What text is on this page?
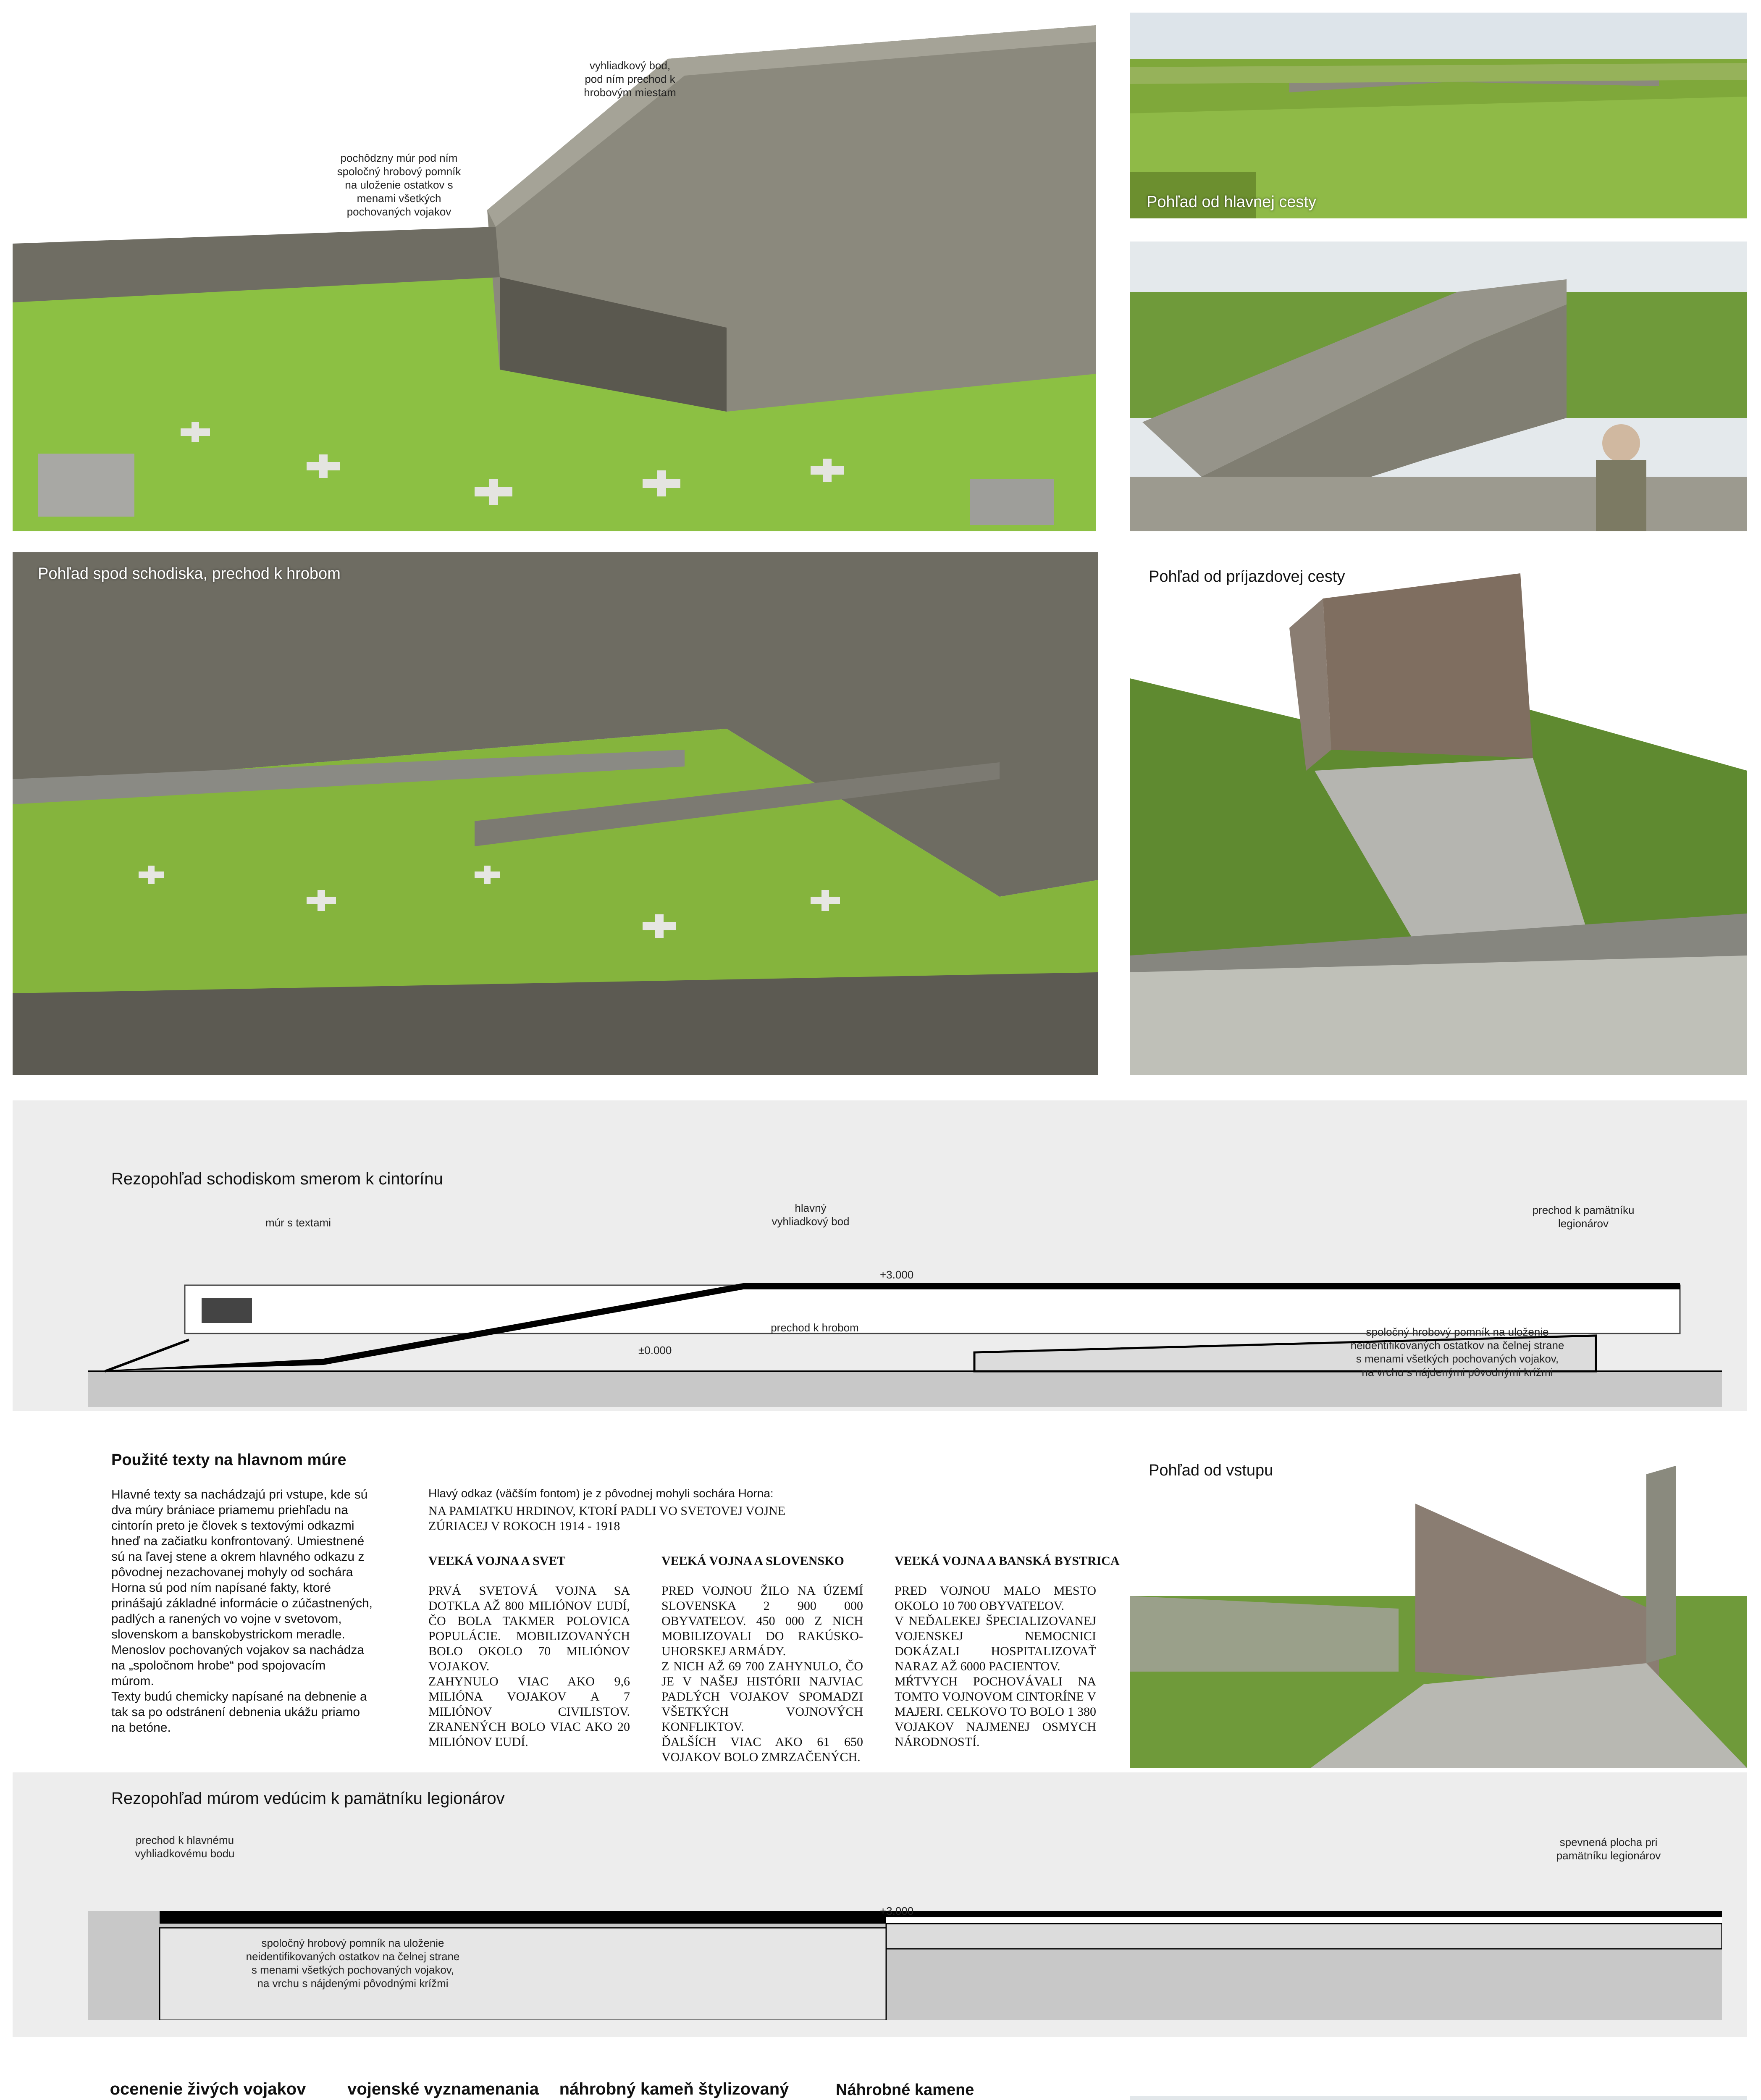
vyhliadkový bod,
pod ním prechod k
hrobovým miestam
pochôdzny múr pod ním
spoločný hrobový pomník
na uloženie ostatkov s
menami všetkých
pochovaných vojakov
Pohľad od hlavnej cesty
Pohľad spod schodiska, prechod k hrobom	Pohľad od príjazdovej cesty
Rezopohľad schodiskom smerom k cintorínu
múr s textami
hlavný
vyhliadkový bod
prechod k pamätníku
legionárov
+3.000
±0.000
prechod k hrobom	spoločný hrobový pomník na uloženie
neidentifikovaných ostatkov na čelnej strane
s menami všetkých pochovaných vojakov,
na vrchu s nájdenými pôvodnými krížmi
Použité texty na hlavnom múre
Hlavné texty sa nachádzajú pri vstupe, kde sú
dva múry brániace priamemu priehľadu na
cintorín preto je človek s textovými odkazmi
hneď na začiatku konfrontovaný. Umiestnené
sú na ľavej stene a okrem hlavného odkazu z
pôvodnej nezachovanej mohyly od sochára
Horna sú pod ním napísané fakty, ktoré
prinášajú základné informácie o zúčastnených,
padlých a ranených vo vojne v svetovom,
slovenskom a banskobystrickom meradle.
Menoslov pochovaných vojakov sa nachádza
na „spoločnom hrobe“ pod spojovacím
múrom.
Texty budú chemicky napísané na debnenie a
tak sa po odstránení debnenia ukážu priamo
na betóne.
Hlavý odkaz (väčším fontom) je z pôvodnej mohyli sochára Horna:
NA PAMIATKU HRDINOV, KTORÍ PADLI VO SVETOVEJ VOJNE
ZÚRIACEJ V ROKOCH 1914 - 1918
VEĽKÁ VOJNA A SVET
PRVÁ SVETOVÁ VOJNA SA DOTKLA AŽ 800 MILIÓNOV ĽUDÍ, ČO BOLA TAKMER POLOVICA POPULÁCIE. MOBILIZOVANÝCH BOLO OKOLO 70 MILIÓNOV VOJAKOV.
ZAHYNULO VIAC AKO 9,6 MILIÓNA VOJAKOV A 7 MILIÓNOV CIVILISTOV. ZRANENÝCH BOLO VIAC AKO 20 MILIÓNOV ĽUDÍ.
VEĽKÁ VOJNA A SLOVENSKO
PRED VOJNOU ŽILO NA ÚZEMÍ SLOVENSKA 2 900 000 OBYVATEĽOV. 450 000 Z NICH MOBILIZOVALI DO RAKÚSKO-UHORSKEJ ARMÁDY.
Z NICH AŽ 69 700 ZAHYNULO, ČO JE V NAŠEJ HISTÓRII NAJVIAC PADLÝCH VOJAKOV SPOMADZI VŠETKÝCH VOJNOVÝCH KONFLIKTOV.
ĎALŠÍCH VIAC AKO 61 650 VOJAKOV BOLO ZMRZAČENÝCH.
VEĽKÁ VOJNA A BANSKÁ BYSTRICA
PRED VOJNOU MALO MESTO OKOLO 10 700 OBYVATEĽOV.
V NEĎALEKEJ ŠPECIALIZOVANEJ VOJENSKEJ NEMOCNICI DOKÁZALI HOSPITALIZOVAŤ NARAZ AŽ 6000 PACIENTOV.
MŔTVYCH POCHOVÁVALI NA TOMTO VOJNOVOM CINTORÍNE V MAJERI. CELKOVO TO BOLO 1 380 VOJAKOV NAJMENEJ OSMYCH NÁRODNOSTÍ.
Pohľad od vstupu
Rezopohľad múrom vedúcim k pamätníku legionárov
prechod k hlavnému
vyhliadkovému bodu
spevnená plocha pri
pamätníku legionárov
+3.000
spoločný hrobový pomník na uloženie
neidentifikovaných ostatkov na čelnej strane
s menami všetkých pochovaných vojakov,
na vrchu s nájdenými pôvodnými krížmi
ocenenie živých vojakov	vojenské vyznamenania	náhrobný kameň štylizovaný	Náhrobné kamene
